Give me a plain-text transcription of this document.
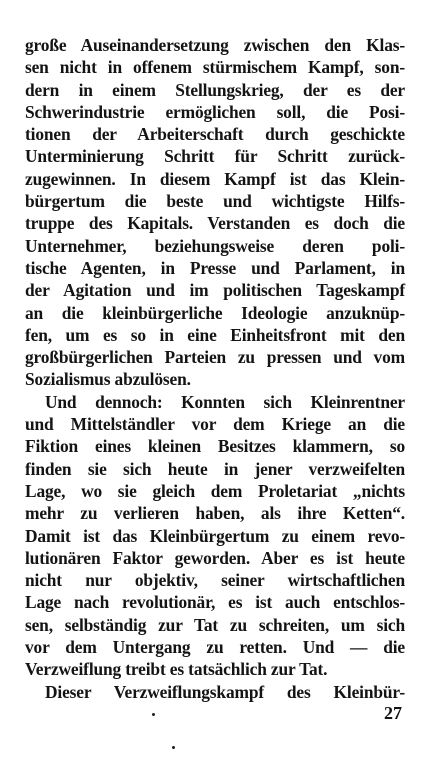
große Auseinandersetzung zwischen den Klas-
sen nicht in offenem stürmischem Kampf, son-
dern in einem Stellungskrieg, der es der
Schwerindustrie ermöglichen soll, die Posi-
tionen der Arbeiterschaft durch geschickte
Unterminierung Schritt für Schritt zurück-
zugewinnen. In diesem Kampf ist das Klein-
bürgertum die beste und wichtigste Hilfs-
truppe des Kapitals. Verstanden es doch die
Unternehmer, beziehungsweise deren poli-
tische Agenten, in Presse und Parlament, in
der Agitation und im politischen Tageskampf
an die kleinbürgerliche Ideologie anzuknüp-
fen, um es so in eine Einheitsfront mit den
großbürgerlichen Parteien zu pressen und vom
Sozialismus abzulösen.
Und dennoch: Konnten sich Kleinrentner
und Mittelständler vor dem Kriege an die
Fiktion eines kleinen Besitzes klammern, so
finden sie sich heute in jener verzweifelten
Lage, wo sie gleich dem Proletariat „nichts
mehr zu verlieren haben, als ihre Ketten“.
Damit ist das Kleinbürgertum zu einem revo-
lutionären Faktor geworden. Aber es ist heute
nicht nur objektiv, seiner wirtschaftlichen
Lage nach revolutionär, es ist auch entschlos-
sen, selbständig zur Tat zu schreiten, um sich
vor dem Untergang zu retten. Und — die
Verzweiflung treibt es tatsächlich zur Tat.
Dieser Verzweiflungskampf des Kleinbür-
27
